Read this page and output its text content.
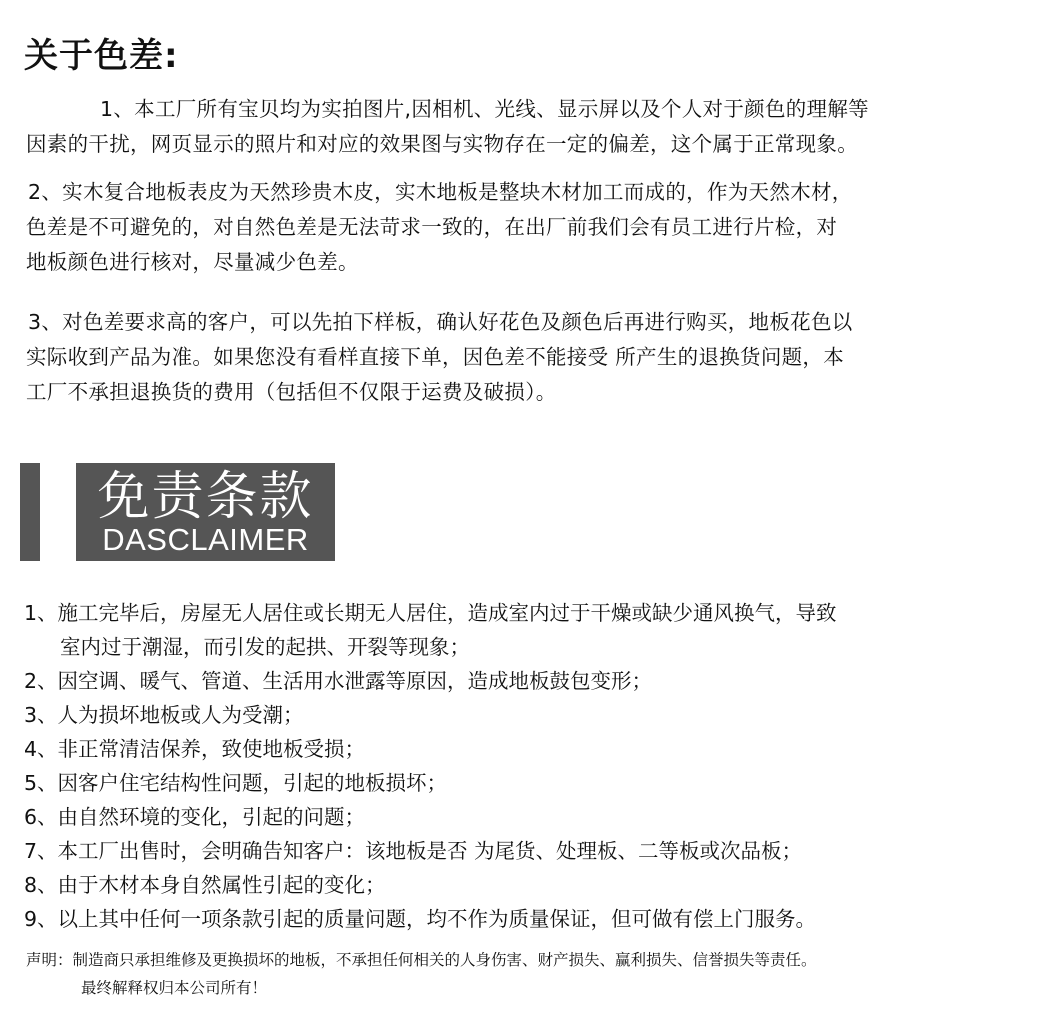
关于色差:
1、本工厂所有宝贝均为实拍图片,因相机、光线、显示屏以及个人对于颜色的理解等
因素的干扰，网页显示的照片和对应的效果图与实物存在一定的偏差，这个属于正常现象。
2、实木复合地板表皮为天然珍贵木皮，实木地板是整块木材加工而成的，作为天然木材，
色差是不可避免的，对自然色差是无法苛求一致的，在出厂前我们会有员工进行片检，对
地板颜色进行核对，尽量减少色差。
3、对色差要求高的客户，可以先拍下样板，确认好花色及颜色后再进行购买，地板花色以
实际收到产品为准。如果您没有看样直接下单，因色差不能接受 所产生的退换货问题，本
工厂不承担退换货的费用（包括但不仅限于运费及破损）。
免责条款
DASCLAIMER
1、施工完毕后，房屋无人居住或长期无人居住，造成室内过于干燥或缺少通风换气，导致
室内过于潮湿，而引发的起拱、开裂等现象；
2、因空调、暖气、管道、生活用水泄露等原因，造成地板鼓包变形；
3、人为损坏地板或人为受潮；
4、非正常清洁保养，致使地板受损；
5、因客户住宅结构性问题，引起的地板损坏；
6、由自然环境的变化，引起的问题；
7、本工厂出售时，会明确告知客户：该地板是否 为尾货、处理板、二等板或次品板；
8、由于木材本身自然属性引起的变化；
9、以上其中任何一项条款引起的质量问题，均不作为质量保证，但可做有偿上门服务。
声明：制造商只承担维修及更换损坏的地板，不承担任何相关的人身伤害、财产损失、赢利损失、信誉损失等责任。
最终解释权归本公司所有！
